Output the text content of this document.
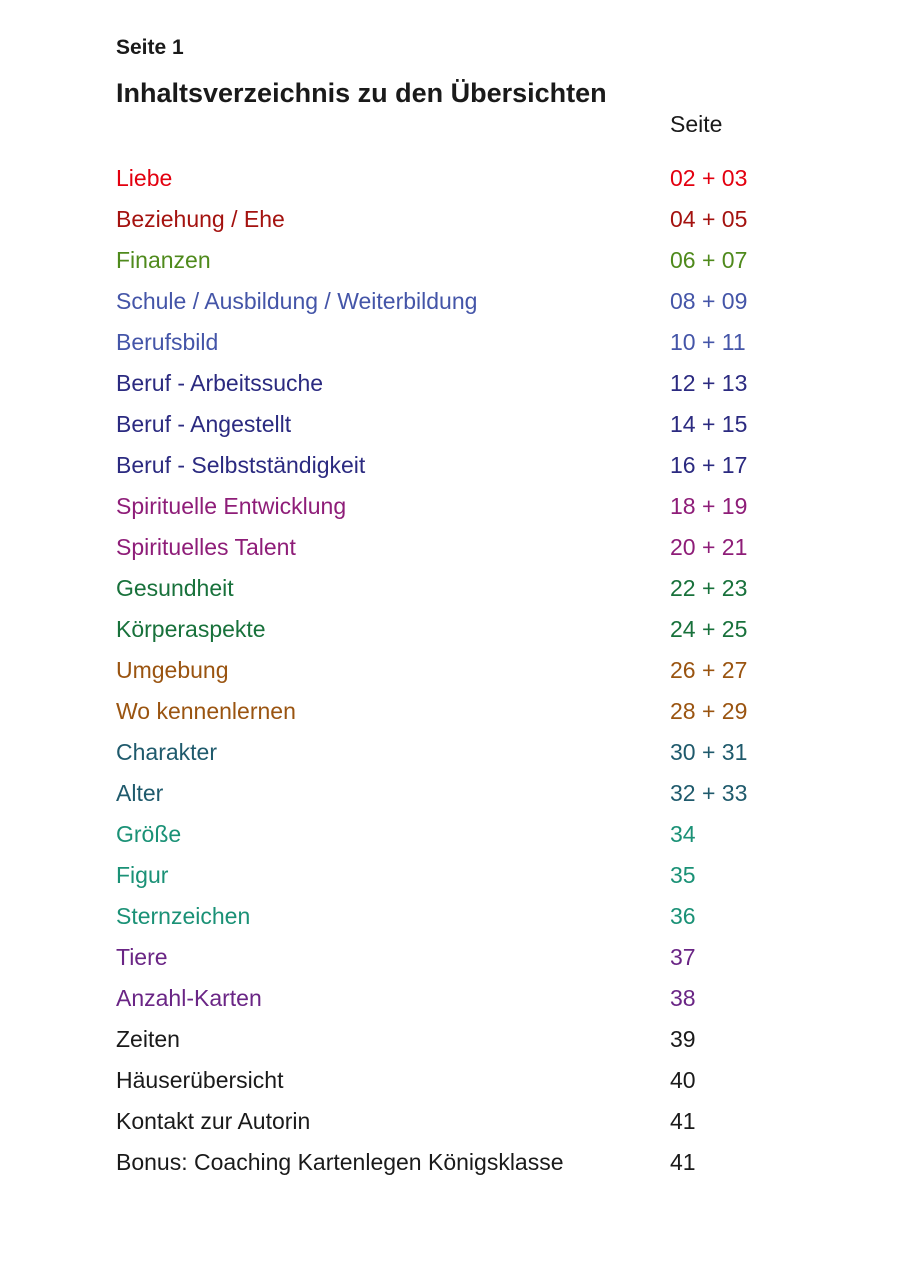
Seite 1
Inhaltsverzeichnis zu den Übersichten
Seite
Liebe	02 + 03
Beziehung / Ehe	04 + 05
Finanzen	06 + 07
Schule / Ausbildung / Weiterbildung	08 + 09
Berufsbild	10 + 11
Beruf - Arbeitssuche	12 + 13
Beruf - Angestellt	14 + 15
Beruf - Selbstständigkeit	16 + 17
Spirituelle Entwicklung	18 + 19
Spirituelles Talent	20 + 21
Gesundheit	22 + 23
Körperaspekte	24 + 25
Umgebung	26 + 27
Wo kennenlernen	28 + 29
Charakter	30 + 31
Alter	32 + 33
Größe	34
Figur	35
Sternzeichen	36
Tiere	37
Anzahl-Karten	38
Zeiten	39
Häuserübersicht	40
Kontakt zur Autorin	41
Bonus: Coaching Kartenlegen Königsklasse	41
